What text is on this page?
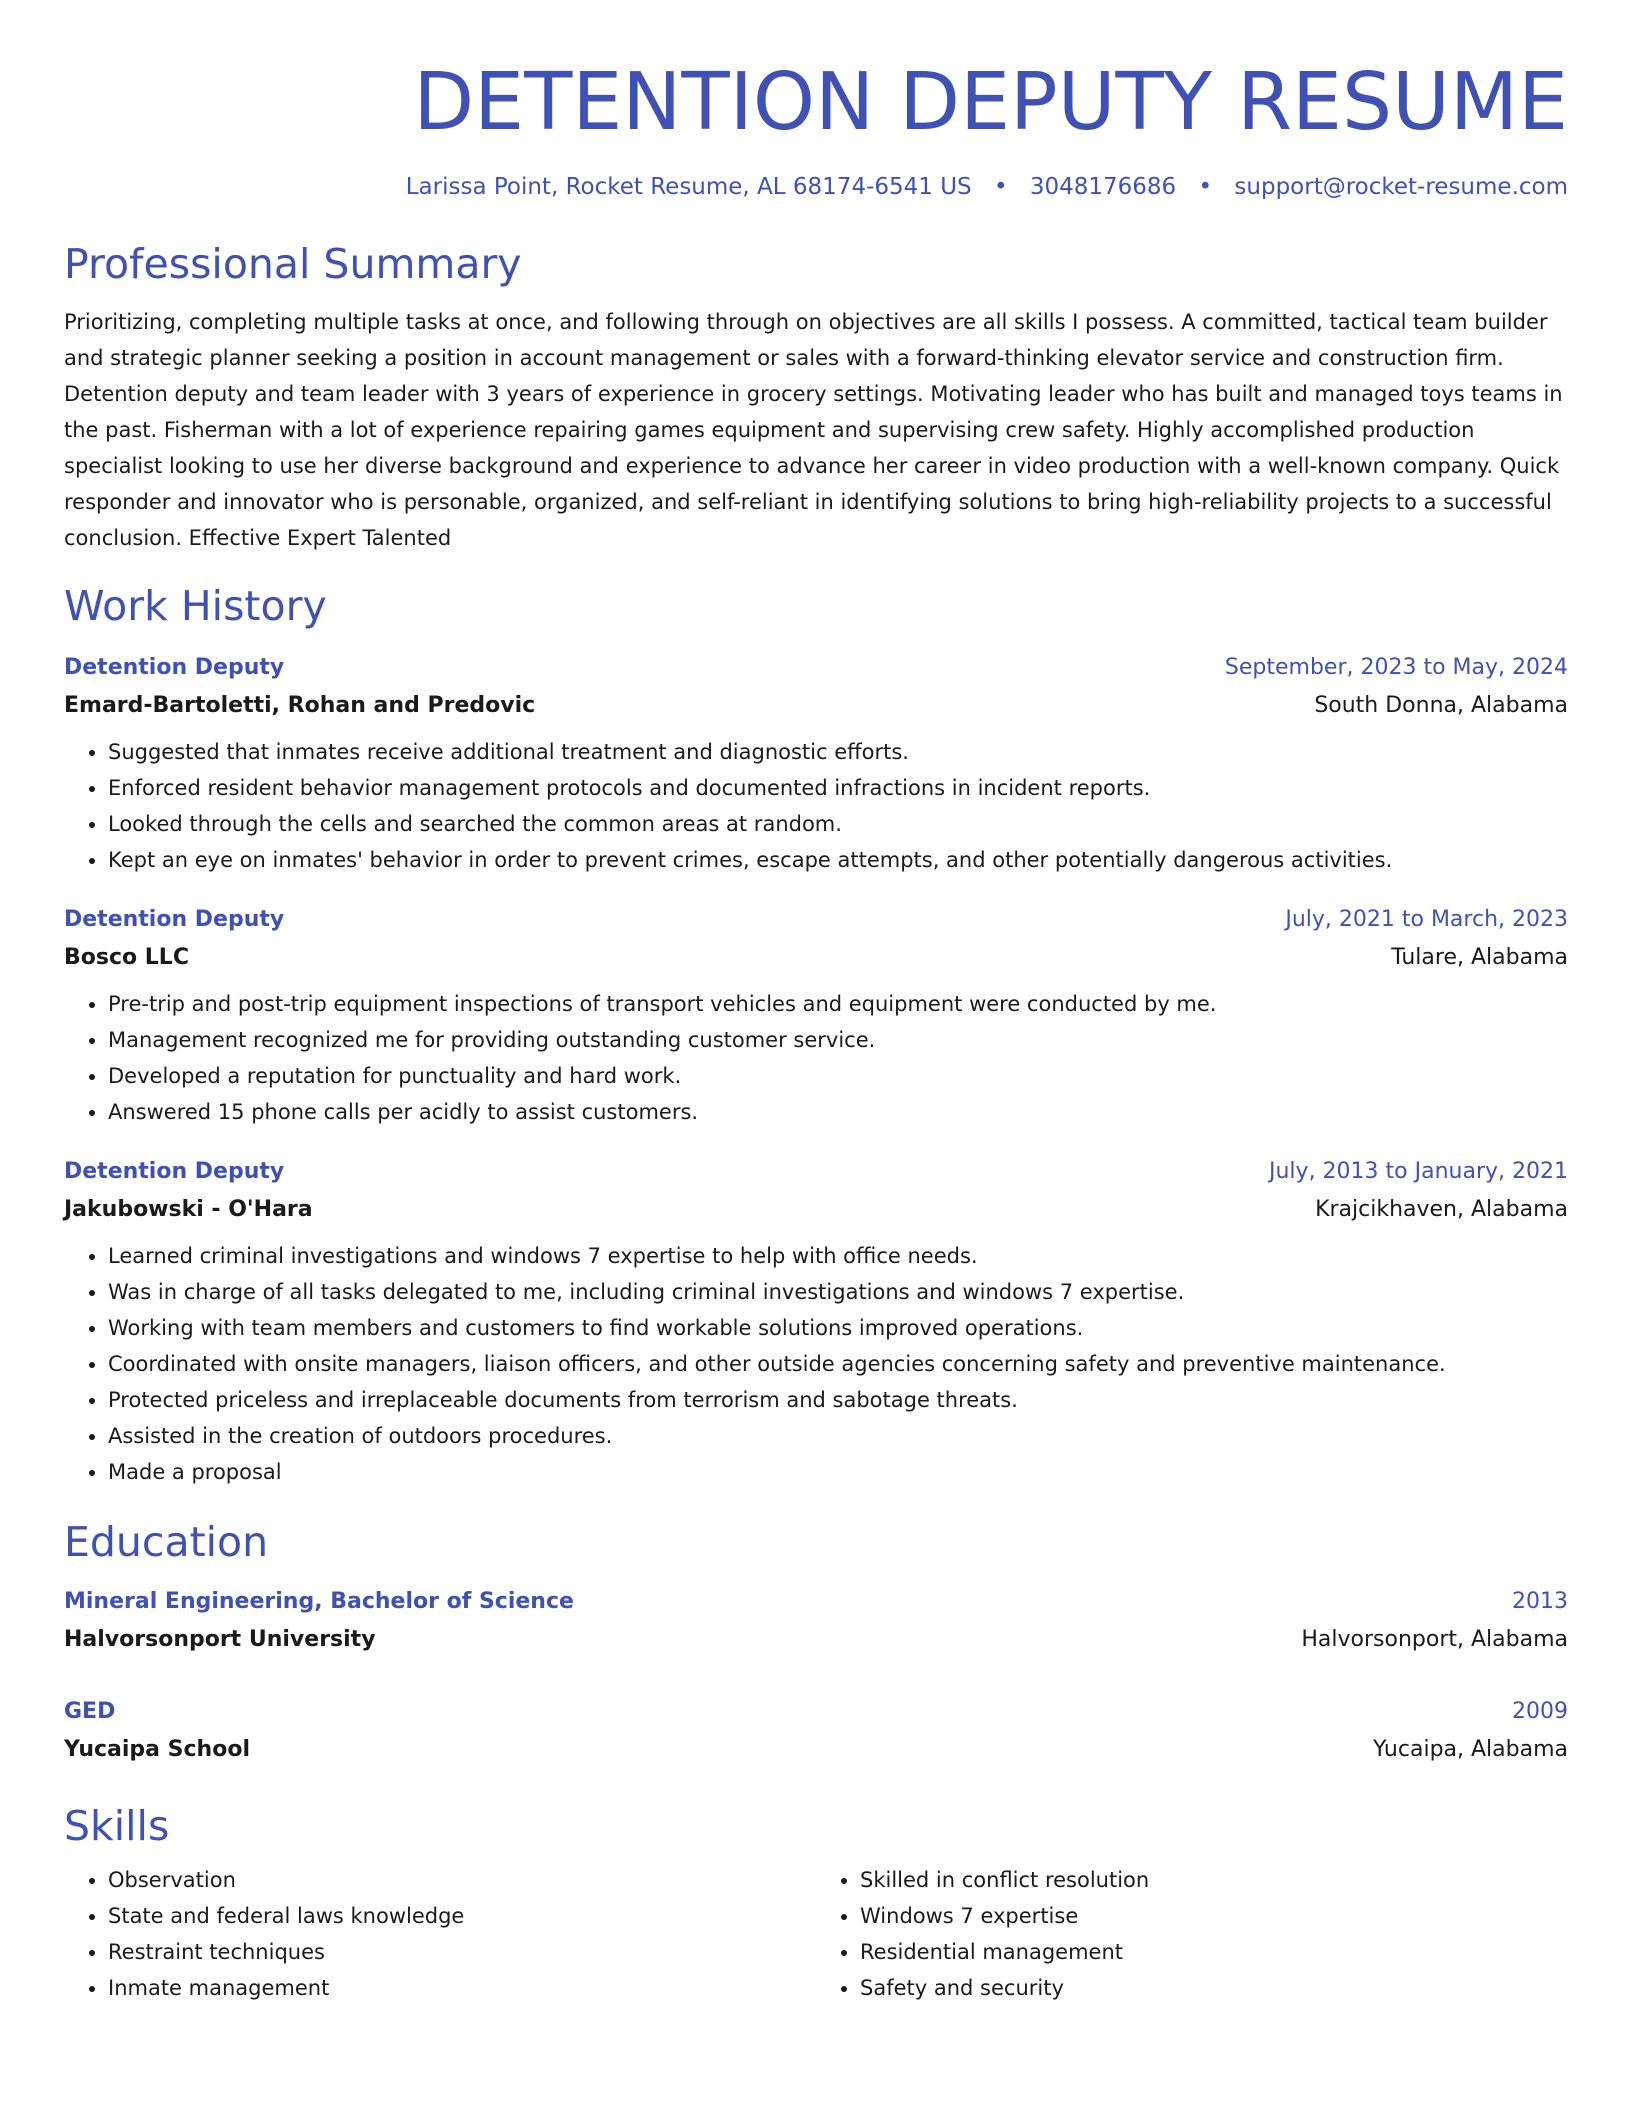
DETENTION DEPUTY RESUME
Larissa Point, Rocket Resume, AL 68174-6541 US • 3048176686 • support@rocket-resume.com
Professional Summary
Prioritizing, completing multiple tasks at once, and following through on objectives are all skills I possess. A committed, tactical team builder and strategic planner seeking a position in account management or sales with a forward-thinking elevator service and construction firm. Detention deputy and team leader with 3 years of experience in grocery settings. Motivating leader who has built and managed toys teams in the past. Fisherman with a lot of experience repairing games equipment and supervising crew safety. Highly accomplished production specialist looking to use her diverse background and experience to advance her career in video production with a well-known company. Quick responder and innovator who is personable, organized, and self-reliant in identifying solutions to bring high-reliability projects to a successful conclusion. Effective Expert Talented
Work History
Detention Deputy	September, 2023 to May, 2024
Emard-Bartoletti, Rohan and Predovic	South Donna, Alabama
• Suggested that inmates receive additional treatment and diagnostic efforts.
• Enforced resident behavior management protocols and documented infractions in incident reports.
• Looked through the cells and searched the common areas at random.
• Kept an eye on inmates' behavior in order to prevent crimes, escape attempts, and other potentially dangerous activities.
Detention Deputy	July, 2021 to March, 2023
Bosco LLC	Tulare, Alabama
• Pre-trip and post-trip equipment inspections of transport vehicles and equipment were conducted by me.
• Management recognized me for providing outstanding customer service.
• Developed a reputation for punctuality and hard work.
• Answered 15 phone calls per acidly to assist customers.
Detention Deputy	July, 2013 to January, 2021
Jakubowski - O'Hara	Krajcikhaven, Alabama
• Learned criminal investigations and windows 7 expertise to help with office needs.
• Was in charge of all tasks delegated to me, including criminal investigations and windows 7 expertise.
• Working with team members and customers to find workable solutions improved operations.
• Coordinated with onsite managers, liaison officers, and other outside agencies concerning safety and preventive maintenance.
• Protected priceless and irreplaceable documents from terrorism and sabotage threats.
• Assisted in the creation of outdoors procedures.
• Made a proposal
Education
Mineral Engineering, Bachelor of Science	2013
Halvorsonport University	Halvorsonport, Alabama
GED	2009
Yucaipa School	Yucaipa, Alabama
Skills
• Observation
• State and federal laws knowledge
• Restraint techniques
• Inmate management
• Skilled in conflict resolution
• Windows 7 expertise
• Residential management
• Safety and security
